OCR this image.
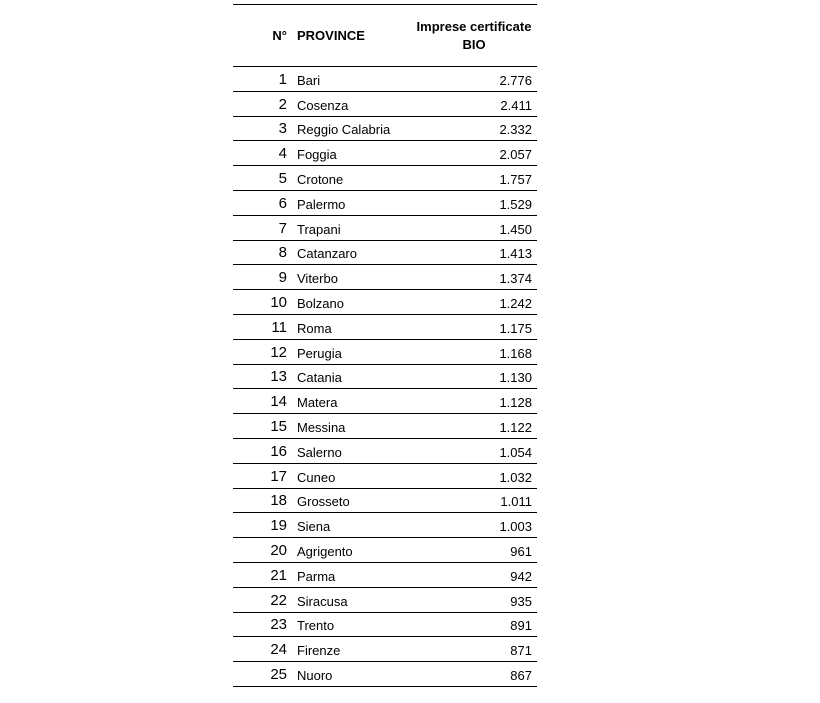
N°	PROVINCE	Imprese certificate
BIO

1	Bari	2.776
2	Cosenza	2.411
3	Reggio Calabria	2.332
4	Foggia	2.057
5	Crotone	1.757
6	Palermo	1.529
7	Trapani	1.450
8	Catanzaro	1.413
9	Viterbo	1.374
10	Bolzano	1.242
11	Roma	1.175
12	Perugia	1.168
13	Catania	1.130
14	Matera	1.128
15	Messina	1.122
16	Salerno	1.054
17	Cuneo	1.032
18	Grosseto	1.011
19	Siena	1.003
20	Agrigento	961
21	Parma	942
22	Siracusa	935
23	Trento	891
24	Firenze	871
25	Nuoro	867
